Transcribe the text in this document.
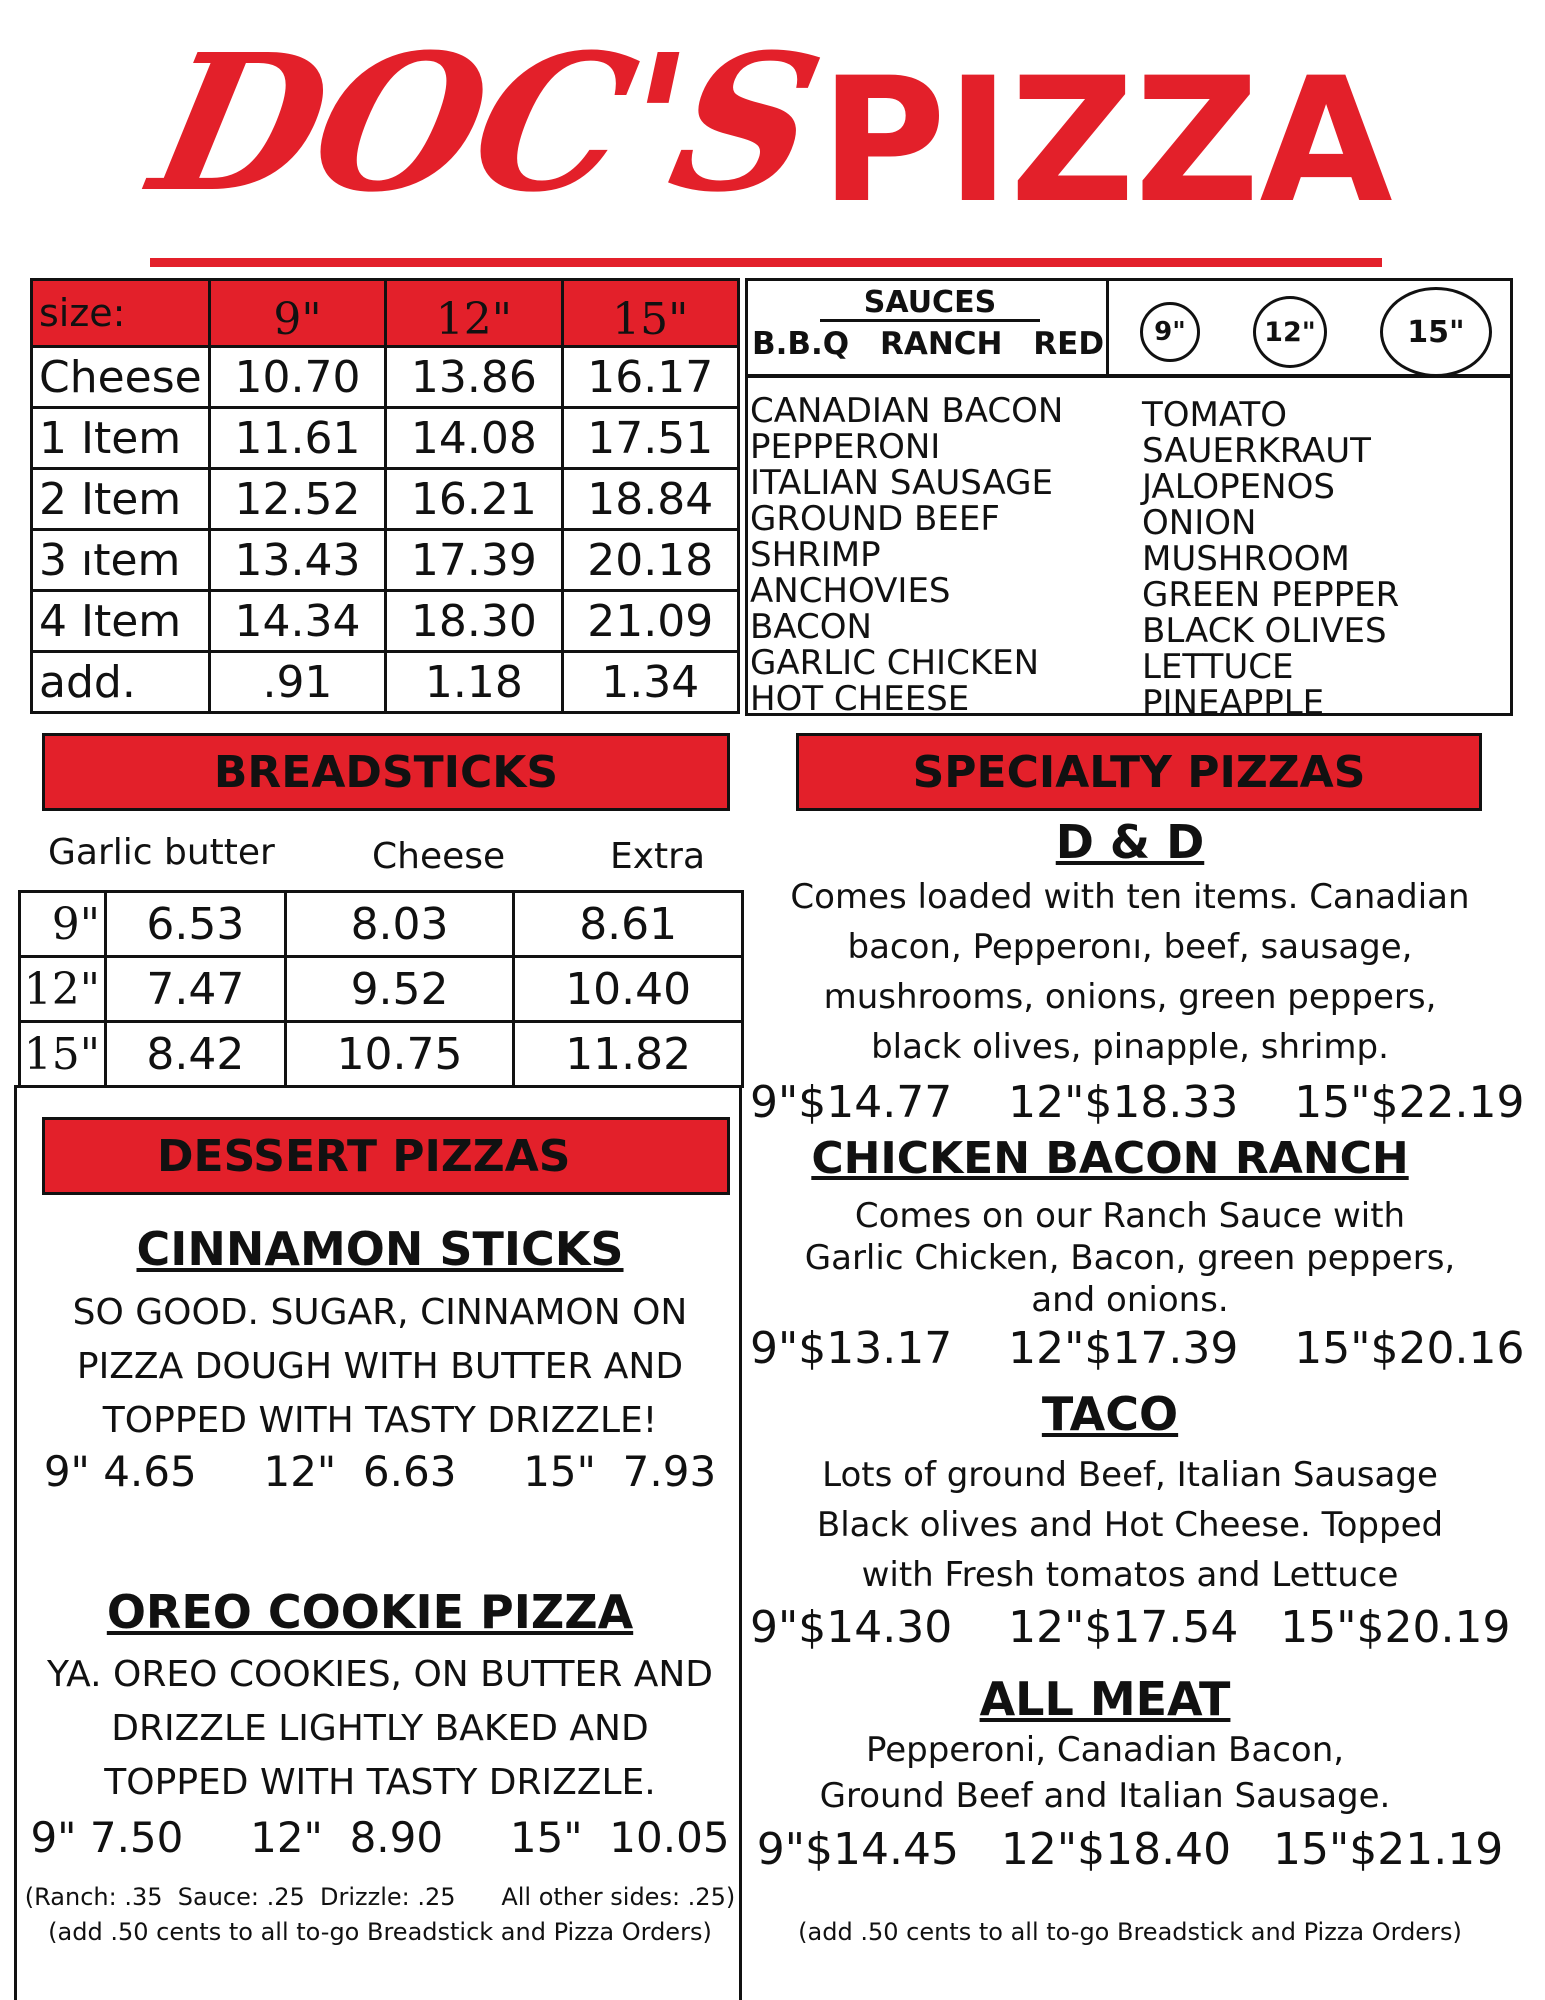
DOC'S
PIZZA
size:	9"	12"	15"
Cheese	10.70	13.86	16.17
1 Item	11.61	14.08	17.51
2 Item	12.52	16.21	18.84
3 ıtem	13.43	17.39	20.18
4 Item	14.34	18.30	21.09
add.	.91	1.18	1.34
SAUCES
B.B.Q RANCH RED	9"	12"	15"
CANADIAN BACON
PEPPERONI
ITALIAN SAUSAGE
GROUND BEEF
SHRIMP
ANCHOVIES
BACON
GARLIC CHICKEN
HOT CHEESE
TOMATO
SAUERKRAUT
JALOPENOS
ONION
MUSHROOM
GREEN PEPPER
BLACK OLIVES
LETTUCE
PINEAPPLE
BREADSTICKS
Garlic butter	Cheese	Extra
9"	6.53	8.03	8.61
12"	7.47	9.52	10.40
15"	8.42	10.75	11.82
DESSERT PIZZAS
CINNAMON STICKS
SO GOOD. SUGAR, CINNAMON ON
PIZZA DOUGH WITH BUTTER AND
TOPPED WITH TASTY DRIZZLE!
9" 4.65     12"  6.63     15"  7.93
OREO COOKIE PIZZA
YA. OREO COOKIES, ON BUTTER AND
DRIZZLE LIGHTLY BAKED AND
TOPPED WITH TASTY DRIZZLE.
9" 7.50     12"  8.90     15"  10.05
(Ranch: .35  Sauce: .25  Drizzle: .25      All other sides: .25)
(add .50 cents to all to-go Breadstick and Pizza Orders)
SPECIALTY PIZZAS
D & D
Comes loaded with ten items. Canadian
bacon, Pepperonı, beef, sausage,
mushrooms, onions, green peppers,
black olives, pinapple, shrimp.
9"$14.77    12"$18.33    15"$22.19
CHICKEN BACON RANCH
Comes on our Ranch Sauce with
Garlic Chicken, Bacon, green peppers,
and onions.
9"$13.17    12"$17.39    15"$20.16
TACO
Lots of ground Beef, Italian Sausage
Black olives and Hot Cheese. Topped
with Fresh tomatos and Lettuce
9"$14.30    12"$17.54   15"$20.19
ALL MEAT
Pepperoni, Canadian Bacon,
Ground Beef and Italian Sausage.
9"$14.45   12"$18.40   15"$21.19
(add .50 cents to all to-go Breadstick and Pizza Orders)
